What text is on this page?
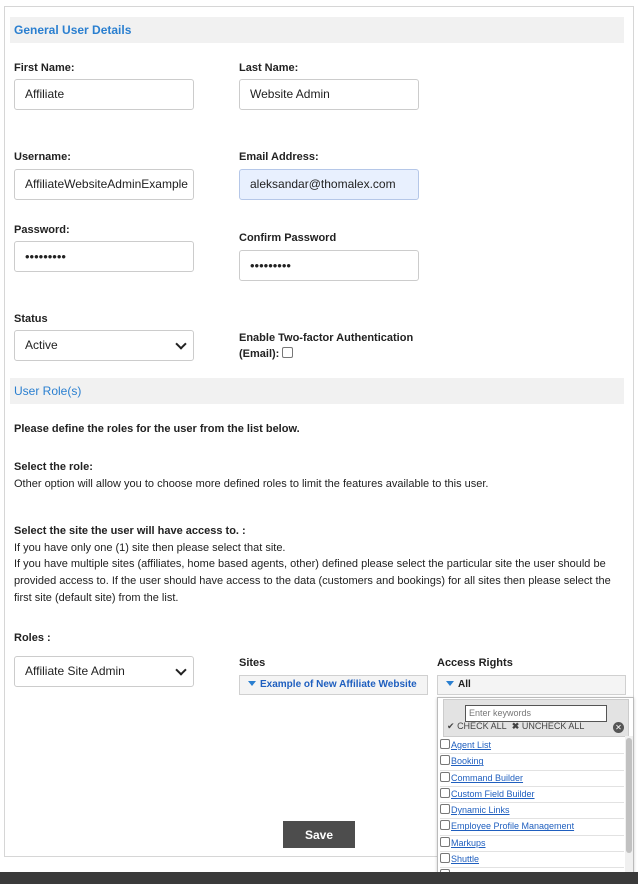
General User Details
First Name:
Affiliate
Last Name:
Website Admin
Username:
AffiliateWebsiteAdminExample
Email Address:
aleksandar@thomalex.com
Password:
•••••••••
Confirm Password
•••••••••
Status
Active	Enable Two-factor Authentication
(Email):
User Role(s)
Please define the roles for the user from the list below.
Select the role:
Other option will allow you to choose more defined roles to limit the features available to this user.
Select the site the user will have access to. :
If you have only one (1) site then please select that site.
If you have multiple sites (affiliates, home based agents, other) defined please select the particular site the user should be provided access to. If the user should have access to the data (customers and bookings) for all sites then please select the first site (default site) from the list.
Roles :
Affiliate Site Admin
Sites
Example of New Affiliate Website
Access Rights
All
Enter keywords
✔ CHECK ALL ✖ UNCHECK ALL	✕
Agent List
Booking
Command Builder
Custom Field Builder
Dynamic Links
Employee Profile Management
Markups
Shuttle
Save
